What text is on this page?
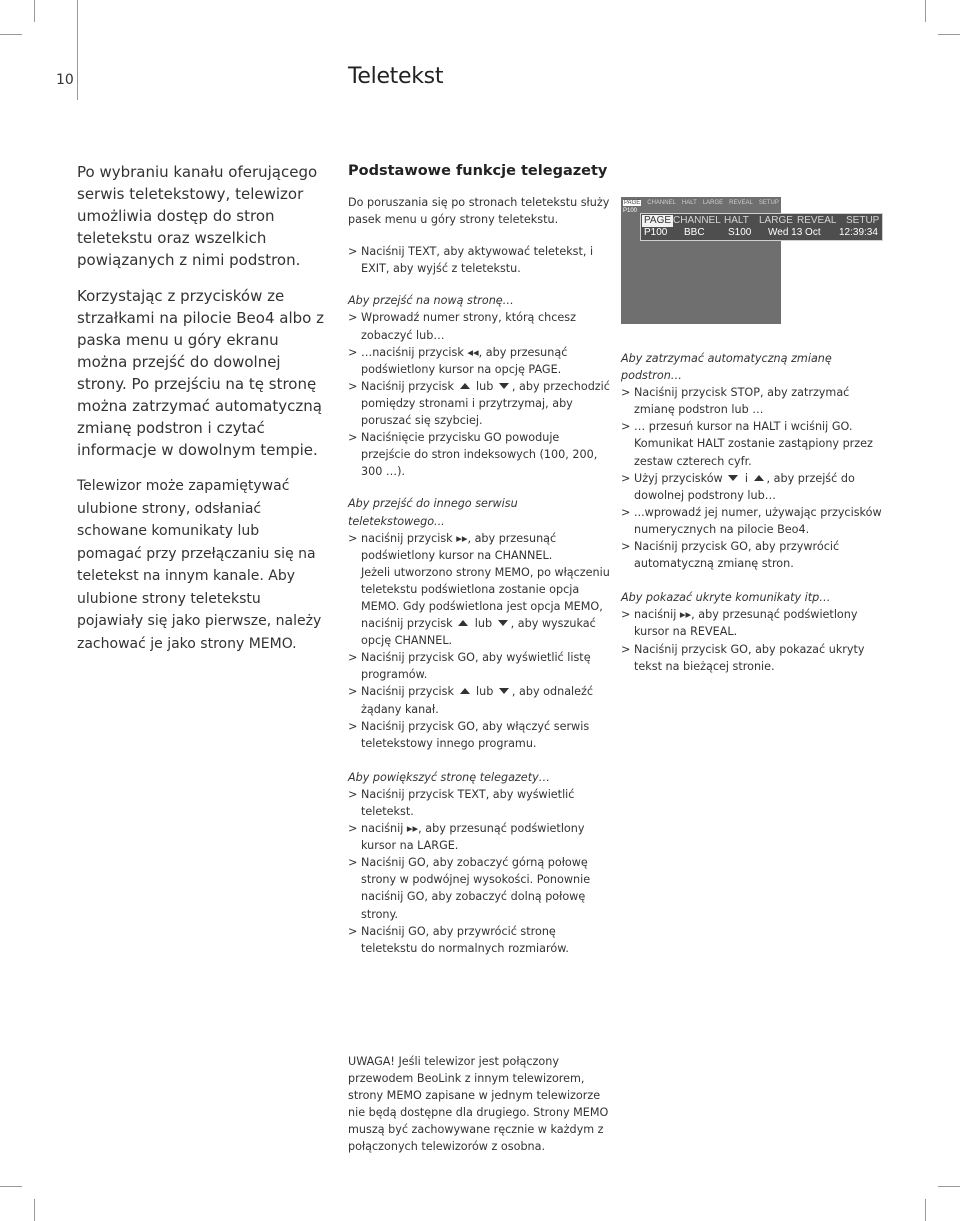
10	Teletekst

Po wybraniu kanału oferującego serwis teletekstowy, telewizor umożliwia dostęp do stron teletekstu oraz wszelkich powiązanych z nimi podstron.

Korzystając z przycisków ze strzałkami na pilocie Beo4 albo z paska menu u góry ekranu można przejść do dowolnej strony. Po przejściu na tę stronę można zatrzymać automatyczną zmianę podstron i czytać informacje w dowolnym tempie.

Telewizor może zapamiętywać ulubione strony, odsłaniać schowane komunikaty lub pomagać przy przełączaniu się na teletekst na innym kanale. Aby ulubione strony teletekstu pojawiały się jako pierwsze, należy zachować je jako strony MEMO.

Podstawowe funkcje telegazety
Do poruszania się po stronach teletekstu służy pasek menu u góry strony teletekstu.
> Naciśnij TEXT, aby aktywować teletekst, i EXIT, aby wyjść z teletekstu.
Aby przejść na nową stronę…
> Wprowadź numer strony, którą chcesz zobaczyć lub…
> …naciśnij przycisk ◂◂, aby przesunąć podświetlony kursor na opcję PAGE.
> Naciśnij przycisk  lub , aby przechodzić pomiędzy stronami i przytrzymaj, aby poruszać się szybciej.
> Naciśnięcie przycisku GO powoduje przejście do stron indeksowych (100, 200, 300 …).
Aby przejść do innego serwisu teletekstowego...
> naciśnij przycisk ▸▸, aby przesunąć podświetlony kursor na CHANNEL.
Jeżeli utworzono strony MEMO, po włączeniu teletekstu podświetlona zostanie opcja MEMO. Gdy podświetlona jest opcja MEMO, naciśnij przycisk  lub , aby wyszukać opcję CHANNEL.
> Naciśnij przycisk GO, aby wyświetlić listę programów.
> Naciśnij przycisk  lub , aby odnaleźć żądany kanał.
> Naciśnij przycisk GO, aby włączyć serwis teletekstowy innego programu.
Aby powiększyć stronę telegazety…
> Naciśnij przycisk TEXT, aby wyświetlić teletekst.
> naciśnij ▸▸, aby przesunąć podświetlony kursor na LARGE.
> Naciśnij GO, aby zobaczyć górną połowę strony w podwójnej wysokości. Ponownie naciśnij GO, aby zobaczyć dolną połowę strony.
> Naciśnij GO, aby przywrócić stronę teletekstu do normalnych rozmiarów.
PAGE CHANNEL HALT LARGE REVEAL SETUP
P100
PAGE CHANNEL HALT LARGE REVEAL SETUP
P100 BBC S100 Wed 13 Oct 12:39:34
Aby zatrzymać automatyczną zmianę podstron…
> Naciśnij przycisk STOP, aby zatrzymać zmianę podstron lub …
> … przesuń kursor na HALT i wciśnij GO.
Komunikat HALT zostanie zastąpiony przez zestaw czterech cyfr.
> Użyj przycisków  i , aby przejść do dowolnej podstrony lub…
> ...wprowadź jej numer, używając przycisków numerycznych na pilocie Beo4.
> Naciśnij przycisk GO, aby przywrócić automatyczną zmianę stron.
Aby pokazać ukryte komunikaty itp…
> naciśnij ▸▸, aby przesunąć podświetlony kursor na REVEAL.
> Naciśnij przycisk GO, aby pokazać ukryty tekst na bieżącej stronie.
UWAGA! Jeśli telewizor jest połączony przewodem BeoLink z innym telewizorem, strony MEMO zapisane w jednym telewizorze nie będą dostępne dla drugiego. Strony MEMO muszą być zachowywane ręcznie w każdym z połączonych telewizorów z osobna.
